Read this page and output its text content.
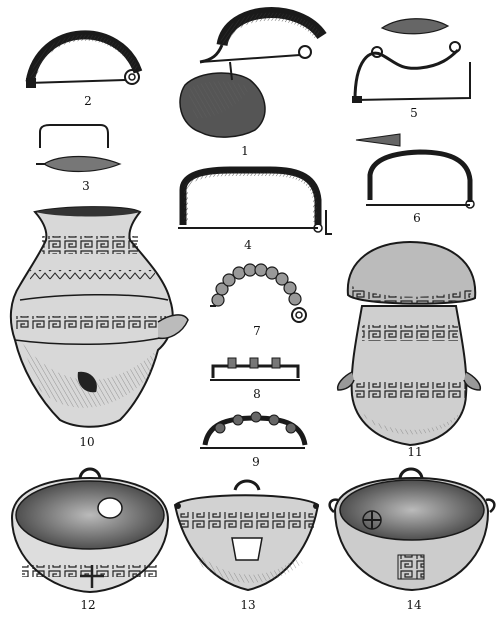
2
1
5
3
4
6
7
8
9
10
11
12	13	14
